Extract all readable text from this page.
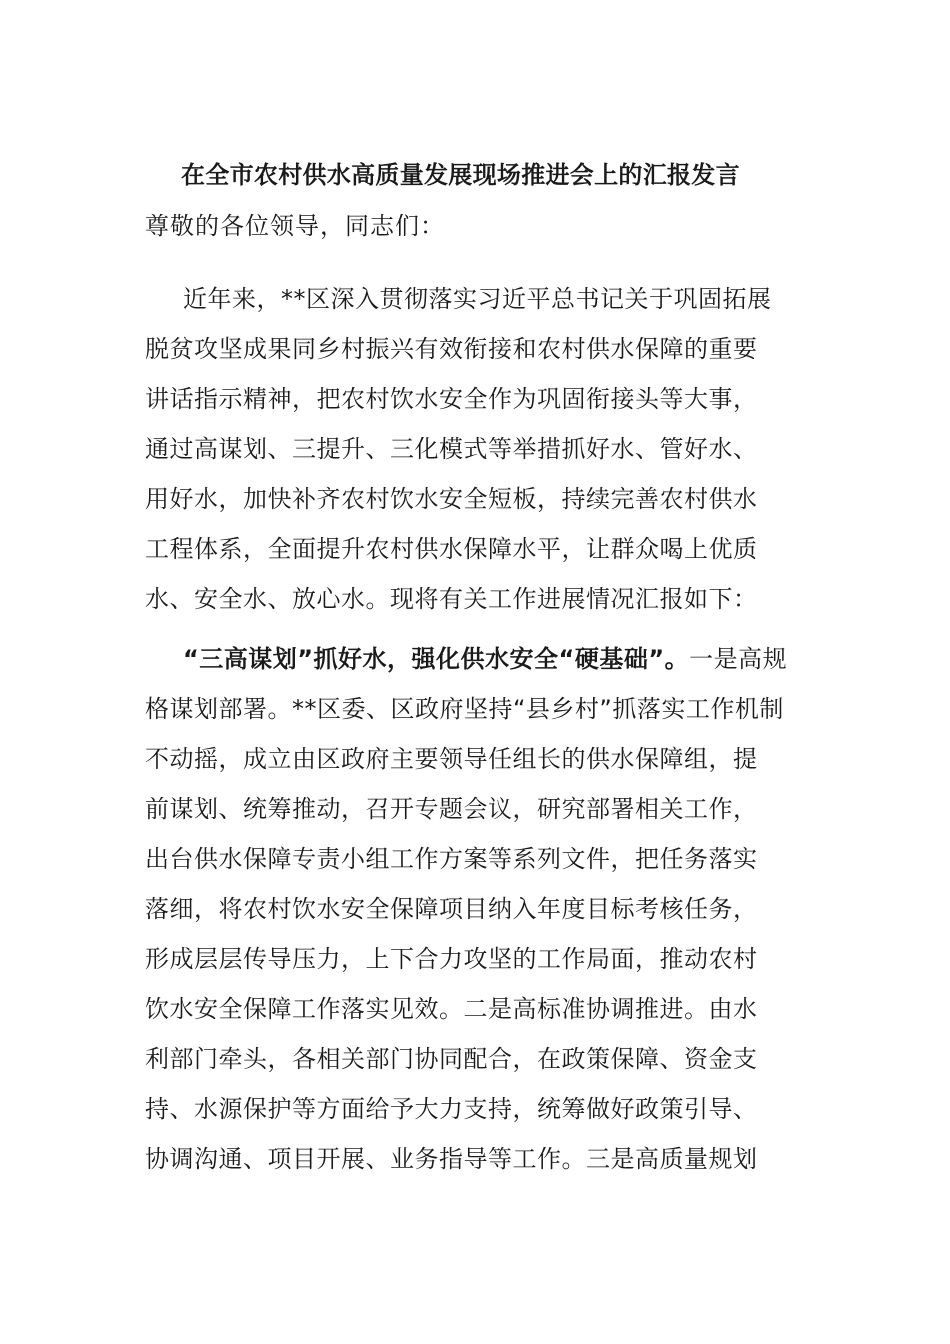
在全市农村供水高质量发展现场推进会上的汇报发言

尊敬的各位领导，同志们：

近年来，**区深入贯彻落实习近平总书记关于巩固拓展
脱贫攻坚成果同乡村振兴有效衔接和农村供水保障的重要
讲话指示精神，把农村饮水安全作为巩固衔接头等大事，
通过高谋划、三提升、三化模式等举措抓好水、管好水、
用好水，加快补齐农村饮水安全短板，持续完善农村供水
工程体系，全面提升农村供水保障水平，让群众喝上优质
水、安全水、放心水。现将有关工作进展情况汇报如下：
“三高谋划”抓好水，强化供水安全“硬基础”。一是高规
格谋划部署。**区委、区政府坚持“县乡村”抓落实工作机制
不动摇，成立由区政府主要领导任组长的供水保障组，提
前谋划、统筹推动，召开专题会议，研究部署相关工作，
出台供水保障专责小组工作方案等系列文件，把任务落实
落细，将农村饮水安全保障项目纳入年度目标考核任务，
形成层层传导压力，上下合力攻坚的工作局面，推动农村
饮水安全保障工作落实见效。二是高标准协调推进。由水
利部门牵头，各相关部门协同配合，在政策保障、资金支
持、水源保护等方面给予大力支持，统筹做好政策引导、
协调沟通、项目开展、业务指导等工作。三是高质量规划
